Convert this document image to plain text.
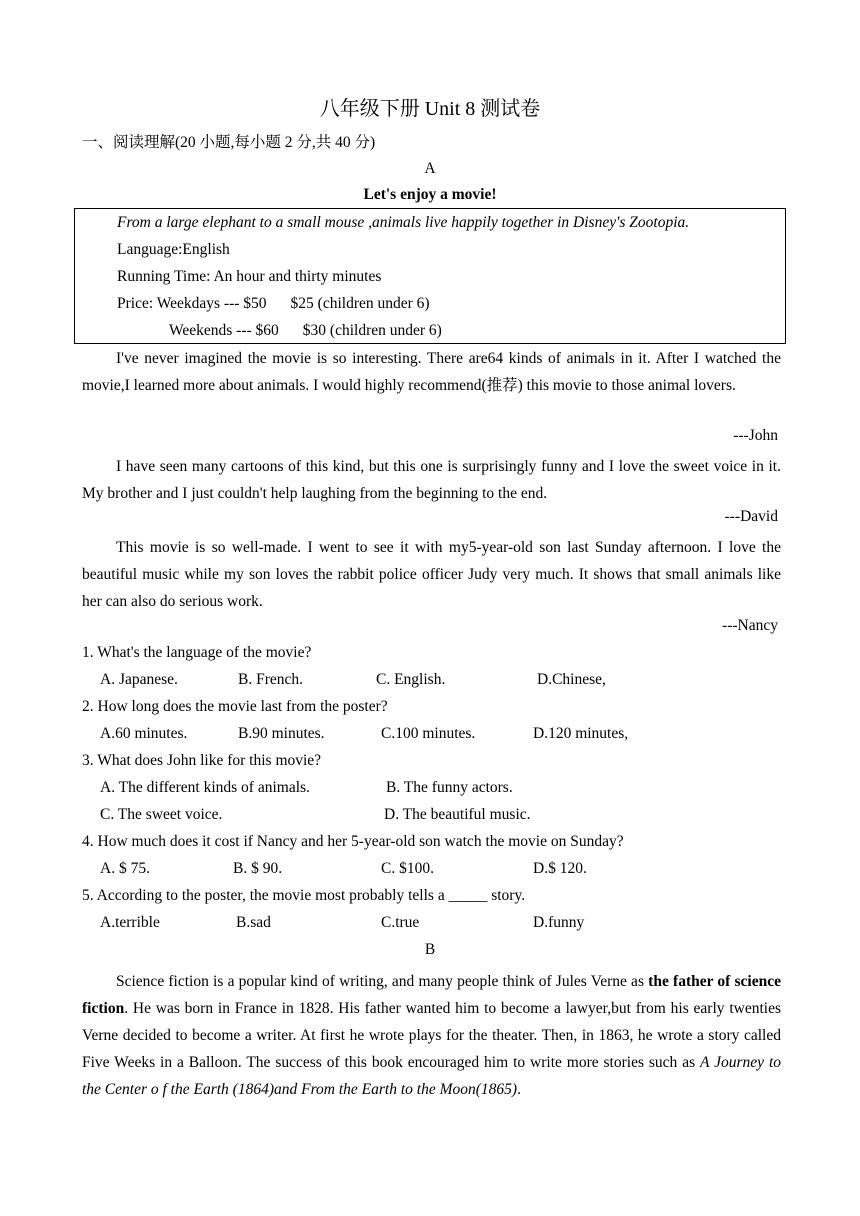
八年级下册 Unit 8 测试卷
一、阅读理解(20 小题,每小题 2 分,共 40 分)
A
Let's enjoy a movie!
From a large elephant to a small mouse ,animals live happily together in Disney's Zootopia.
Language:English
Running Time: An hour and thirty minutes
Price: Weekdays --- $50 $25 (children under 6)
Weekends --- $60 $30 (children under 6)
I've never imagined the movie is so interesting. There are64 kinds of animals in it. After I watched the movie,I learned more about animals. I would highly recommend(推荐) this movie to those animal lovers.
---John
I have seen many cartoons of this kind, but this one is surprisingly funny and I love the sweet voice in it. My brother and I just couldn't help laughing from the beginning to the end.
---David
This movie is so well-made. I went to see it with my5-year-old son last Sunday afternoon. I love the beautiful music while my son loves the rabbit police officer Judy very much. It shows that small animals like her can also do serious work.
---Nancy
1. What's the language of the movie?
A. Japanese.	B. French.	C. English.	D.Chinese,
2. How long does the movie last from the poster?
A.60 minutes.	B.90 minutes.	C.100 minutes.	D.120 minutes,
3. What does John like for this movie?
A. The different kinds of animals.	B. The funny actors.
C. The sweet voice.	D. The beautiful music.
4. How much does it cost if Nancy and her 5-year-old son watch the movie on Sunday?
A. $ 75.	B. $ 90.	C. $100.	D.$ 120.
5. According to the poster, the movie most probably tells a _____ story.
A.terrible	B.sad	C.true	D.funny
B
Science fiction is a popular kind of writing, and many people think of Jules Verne as the father of science fiction. He was born in France in 1828. His father wanted him to become a lawyer,but from his early twenties Verne decided to become a writer. At first he wrote plays for the theater. Then, in 1863, he wrote a story called Five Weeks in a Balloon. The success of this book encouraged him to write more stories such as A Journey to the Center o f the Earth (1864)and From the Earth to the Moon(1865).
